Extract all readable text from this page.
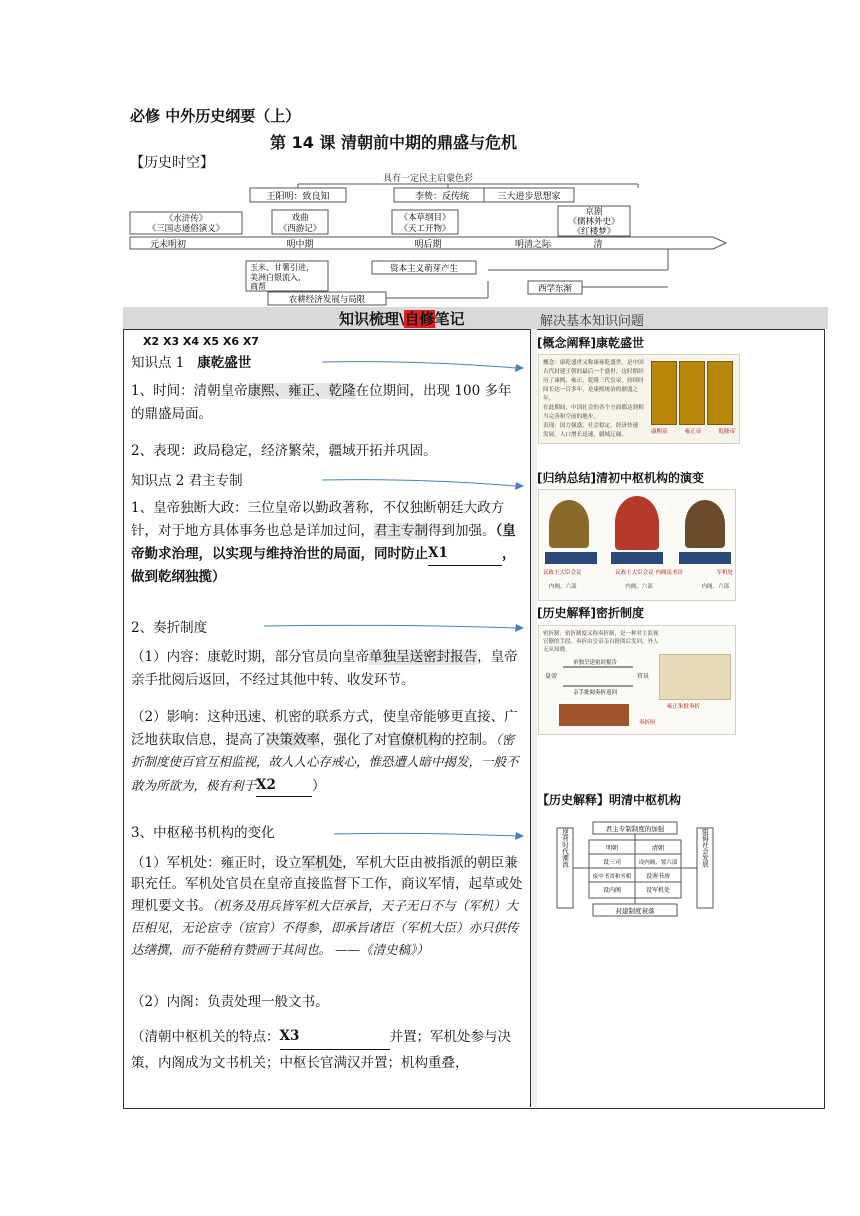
必修 中外历史纲要（上）
第 14 课 清朝前中期的鼎盛与危机
【历史时空】
具有一定民主启蒙色彩
王阳明：致良知	李贽：反传统	三大进步思想家
《水浒传》
《三国志通俗演义》
戏曲
《西游记》
《本草纲目》
《天工开物》
京剧
《儒林外史》
《红楼梦》
元末明初	明中期	明后期	明清之际	清
玉米、甘薯引进，
美洲白银流入，
商帮
资本主义萌芽产生
农耕经济发展与局限
西学东渐
知识梳理\自修笔记	解决基本知识问题
X2 X3 X4 X5 X6 X7
知识点 1 康乾盛世
1、时间：清朝皇帝康熙、雍正、乾隆在位期间，出现 100 多年的鼎盛局面。
2、表现：政局稳定，经济繁荣，疆域开拓并巩固。
知识点 2 君主专制
1、皇帝独断大政：三位皇帝以勤政著称，不仅独断朝廷大政方针，对于地方具体事务也总是详加过问，君主专制得到加强。（皇帝勤求治理，以实现与维持治世的局面，同时防止X1	，做到乾纲独揽）
2、奏折制度
（1）内容：康乾时期，部分官员向皇帝单独呈送密封报告，皇帝亲手批阅后返回，不经过其他中转、收发环节。
（2）影响：这种迅速、机密的联系方式，使皇帝能够更直接、广泛地获取信息，提高了决策效率，强化了对官僚机构的控制。（密折制度使百官互相监视，故人人心存戒心，惟恐遭人暗中揭发，一般不敢为所欲为，极有利于X2	）
3、中枢秘书机构的变化
（1）军机处：雍正时，设立军机处，军机大臣由被指派的朝臣兼职充任。军机处官员在皇帝直接监督下工作，商议军情，起草或处理机要文书。（机务及用兵皆军机大臣承旨，天子无日不与（军机）大臣相见，无论宦寺（宦官）不得参，即承旨诸臣（军机大臣）亦只供传达缮撰，而不能稍有赞画于其间也。 ——《清史稿》）
（2）内阁：负责处理一般文书。
（清朝中枢机关的特点：X3	并置；军机处参与决策，内阁成为文书机关；中枢长官满汉并置；机构重叠，
[概念阐释]康乾盛世
概念：康乾盛世又称康雍乾盛世，是中国
古代封建王朝的最后一个盛世，这时期经
历了康熙、雍正、乾隆三代皇帝，持续时
间长达一百多年，是康熙统治的鼎盛之年，
在此期间，中国社会的各个方面都达到相
当完善和空前的地步。
表现：国力强盛，社会稳定，经济快速
发展，人口增长迅速，疆域辽阔。	康熙帝	雍正帝	乾隆帝
[归纳总结]清初中枢机构的演变
议政王大臣会议	议政王大臣会议 内阁南书房	军机处
内阁、六部	内阁、六部	内阁、六部
[历史解释]密折制度
密折制：密折制度又称奏折制，是一种君主监视
官僚的手段。奏折由皇帝亲自批阅后发回，外人
无从知晓。
单独呈送密封报告
皇帝	官员
亲手批阅奏折返回
雍正朱批奏折
奏折匣
【历史解释】明清中枢机构
君主专制制度的加强
封建制度衰落
逆背时代潮流	阻碍社会发展
明朝	清朝
设三司	设内阁、置六部
废中书省和丞相 设南书房
设内阁	设军机处
